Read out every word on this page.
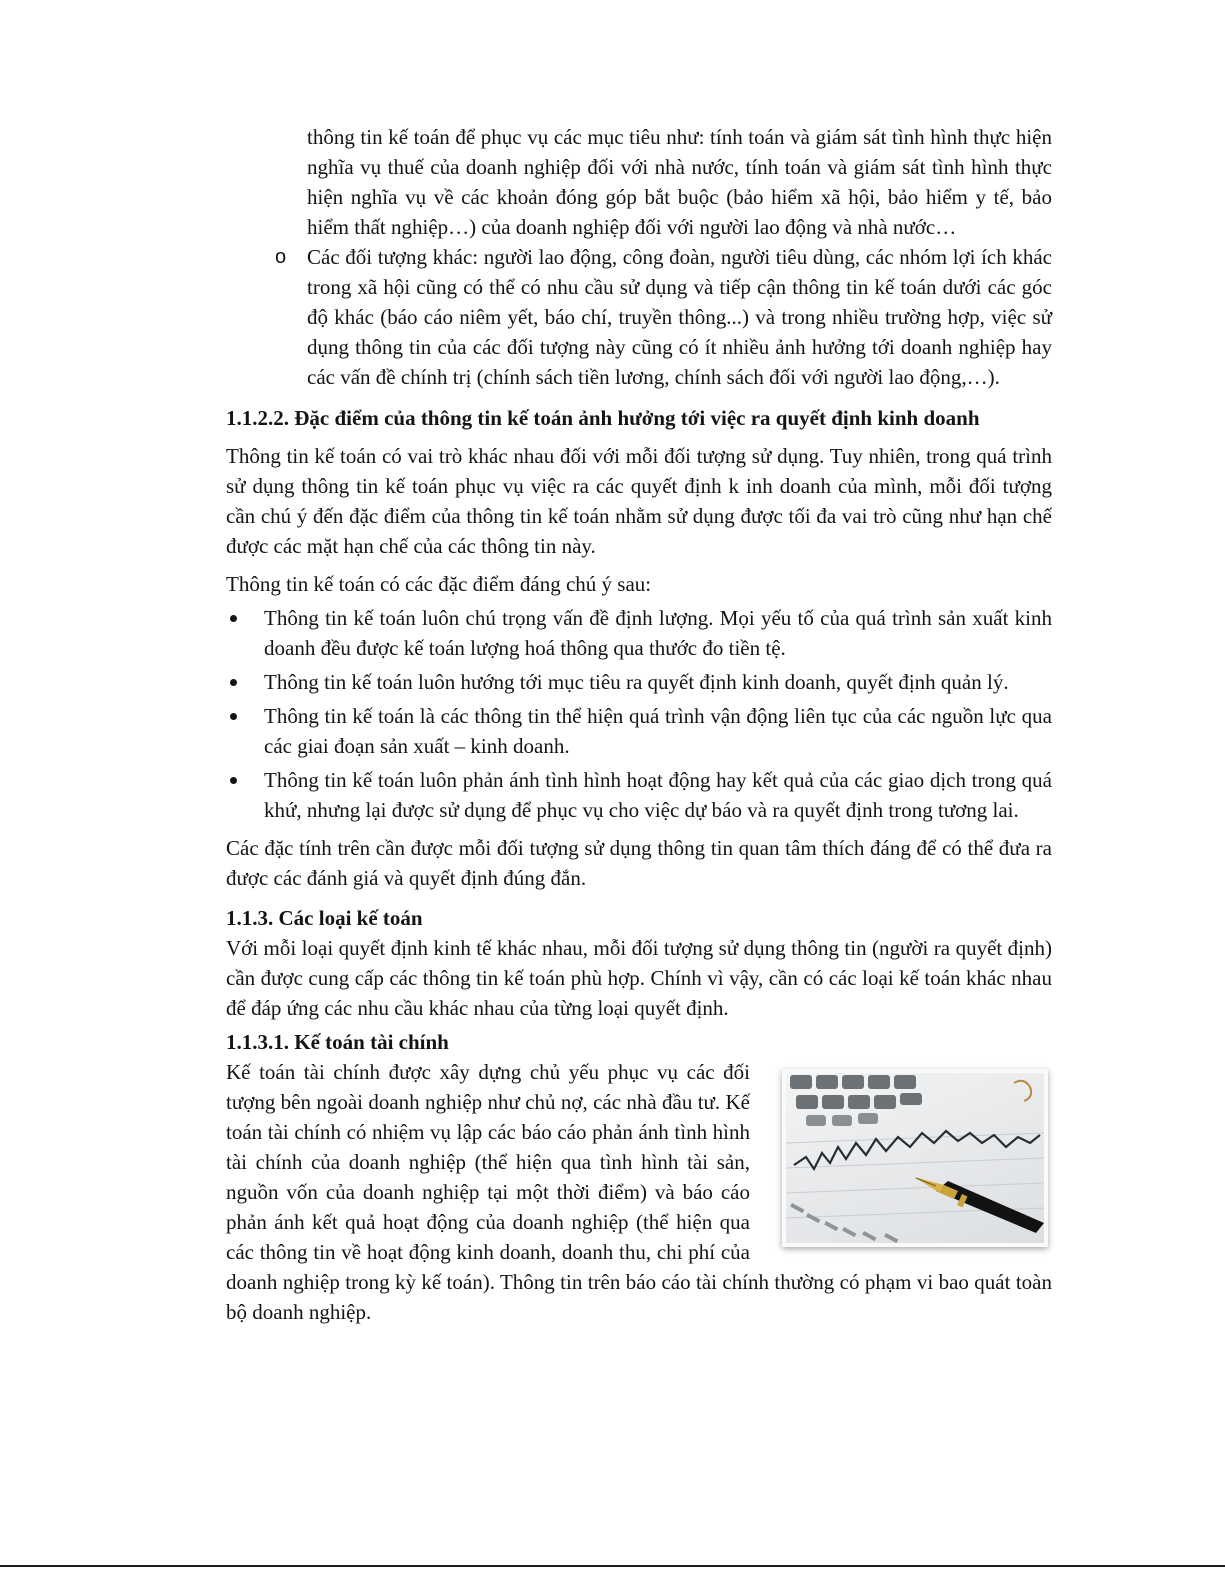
thông tin kế toán để phục vụ các mục tiêu như: tính toán và giám sát tình hình thực hiện nghĩa vụ thuế của doanh nghiệp đối với nhà nước, tính toán và giám sát tình hình thực hiện nghĩa vụ về các khoản đóng góp bắt buộc (bảo hiểm xã hội, bảo hiểm y tế, bảo hiểm thất nghiệp…) của doanh nghiệp đối với người lao động và nhà nước…

o Các đối tượng khác: người lao động, công đoàn, người tiêu dùng, các nhóm lợi ích khác trong xã hội cũng có thể có nhu cầu sử dụng và tiếp cận thông tin kế toán dưới các góc độ khác (báo cáo niêm yết, báo chí, truyền thông...) và trong nhiều trường hợp, việc sử dụng thông tin của các đối tượng này cũng có ít nhiều ảnh hưởng tới doanh nghiệp hay các vấn đề chính trị (chính sách tiền lương, chính sách đối với người lao động,…).

1.1.2.2. Đặc điểm của thông tin kế toán ảnh hưởng tới việc ra quyết định kinh doanh

Thông tin kế toán có vai trò khác nhau đối với mỗi đối tượng sử dụng. Tuy nhiên, trong quá trình sử dụng thông tin kế toán phục vụ việc ra các quyết định k inh doanh của mình, mỗi đối tượng cần chú ý đến đặc điểm của thông tin kế toán nhằm sử dụng được tối đa vai trò cũng như hạn chế được các mặt hạn chế của các thông tin này.

Thông tin kế toán có các đặc điểm đáng chú ý sau:

Thông tin kế toán luôn chú trọng vấn đề định lượng. Mọi yếu tố của quá trình sản xuất kinh doanh đều được kế toán lượng hoá thông qua thước đo tiền tệ.
Thông tin kế toán luôn hướng tới mục tiêu ra quyết định kinh doanh, quyết định quản lý.
Thông tin kế toán là các thông tin thể hiện quá trình vận động liên tục của các nguồn lực qua các giai đoạn sản xuất – kinh doanh.
Thông tin kế toán luôn phản ánh tình hình hoạt động hay kết quả của các giao dịch trong quá khứ, nhưng lại được sử dụng để phục vụ cho việc dự báo và ra quyết định trong tương lai.

Các đặc tính trên cần được mỗi đối tượng sử dụng thông tin quan tâm thích đáng để có thể đưa ra được các đánh giá và quyết định đúng đắn.

1.1.3. Các loại kế toán

Với mỗi loại quyết định kinh tế khác nhau, mỗi đối tượng sử dụng thông tin (người ra quyết định) cần được cung cấp các thông tin kế toán phù hợp. Chính vì vậy, cần có các loại kế toán khác nhau để đáp ứng các nhu cầu khác nhau của từng loại quyết định.

1.1.3.1. Kế toán tài chính

Kế toán tài chính được xây dựng chủ yếu phục vụ các đối tượng bên ngoài doanh nghiệp như chủ nợ, các nhà đầu tư. Kế toán tài chính có nhiệm vụ lập các báo cáo phản ánh tình hình tài chính của doanh nghiệp (thể hiện qua tình hình tài sản, nguồn vốn của doanh nghiệp tại một thời điểm) và báo cáo phản ánh kết quả hoạt động của doanh nghiệp (thể hiện qua các thông tin về hoạt động kinh doanh, doanh thu, chi phí của doanh nghiệp trong kỳ kế toán). Thông tin trên báo cáo tài chính thường có phạm vi bao quát toàn bộ doanh nghiệp.
